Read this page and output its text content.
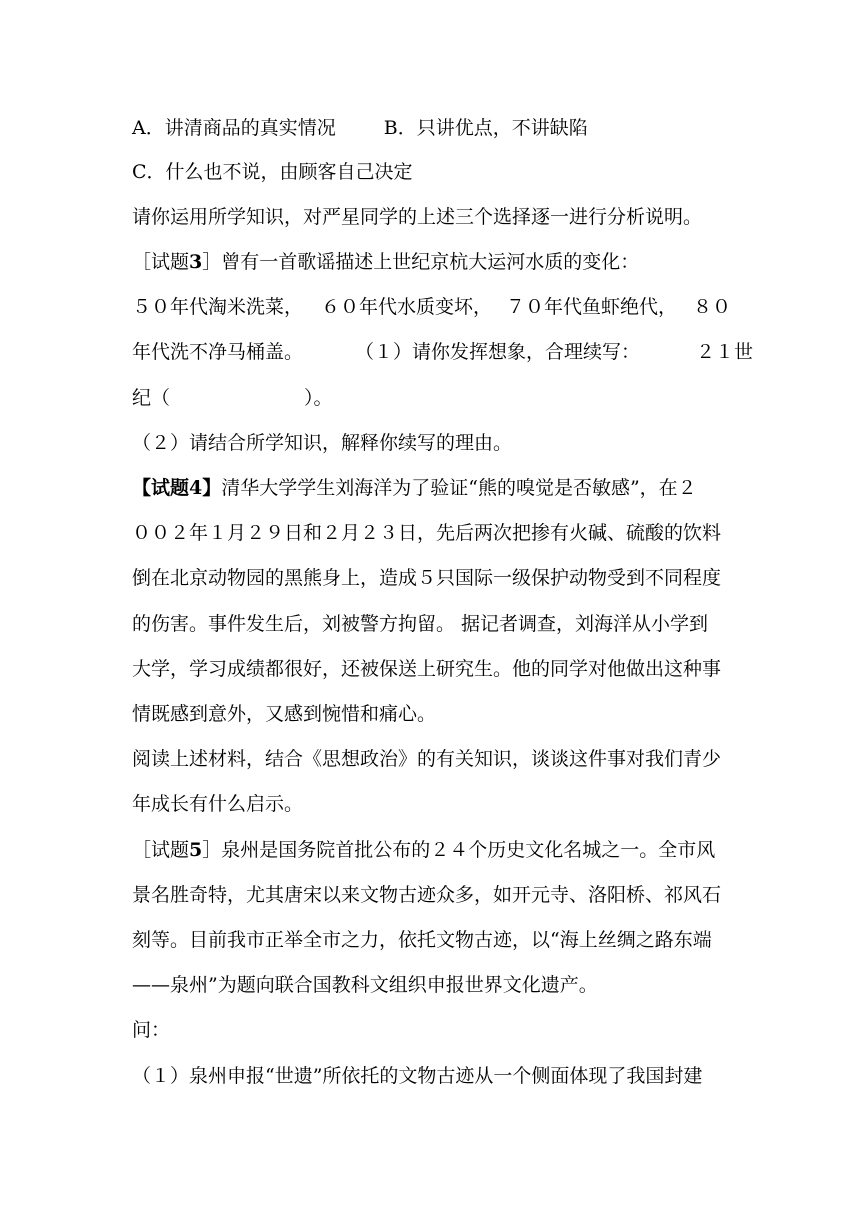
A．讲清商品的真实情况	B．只讲优点，不讲缺陷
C．什么也不说，由顾客自己决定
请你运用所学知识，对严星同学的上述三个选择逐一进行分析说明。
［试题3］曾有一首歌谣描述上世纪京杭大运河水质的变化：
５０年代淘米洗菜， ６０年代水质变坏， ７０年代鱼虾绝代， ８０
年代洗不净马桶盖。	（１）请你发挥想象，合理续写：	２１世
纪（	）。
（２）请结合所学知识，解释你续写的理由。
【试题4】清华大学学生刘海洋为了验证“熊的嗅觉是否敏感”，在２
００２年１月２９日和２月２３日，先后两次把掺有火碱、硫酸的饮料
倒在北京动物园的黑熊身上，造成５只国际一级保护动物受到不同程度
的伤害。事件发生后，刘被警方拘留。 据记者调查，刘海洋从小学到
大学，学习成绩都很好，还被保送上研究生。他的同学对他做出这种事
情既感到意外，又感到惋惜和痛心。
阅读上述材料，结合《思想政治》的有关知识，谈谈这件事对我们青少
年成长有什么启示。
［试题5］泉州是国务院首批公布的２４个历史文化名城之一。全市风
景名胜奇特，尤其唐宋以来文物古迹众多，如开元寺、洛阳桥、祁风石
刻等。目前我市正举全市之力，依托文物古迹，以“海上丝绸之路东端
——泉州”为题向联合国教科文组织申报世界文化遗产。
问：
（１）泉州申报“世遗”所依托的文物古迹从一个侧面体现了我国封建
